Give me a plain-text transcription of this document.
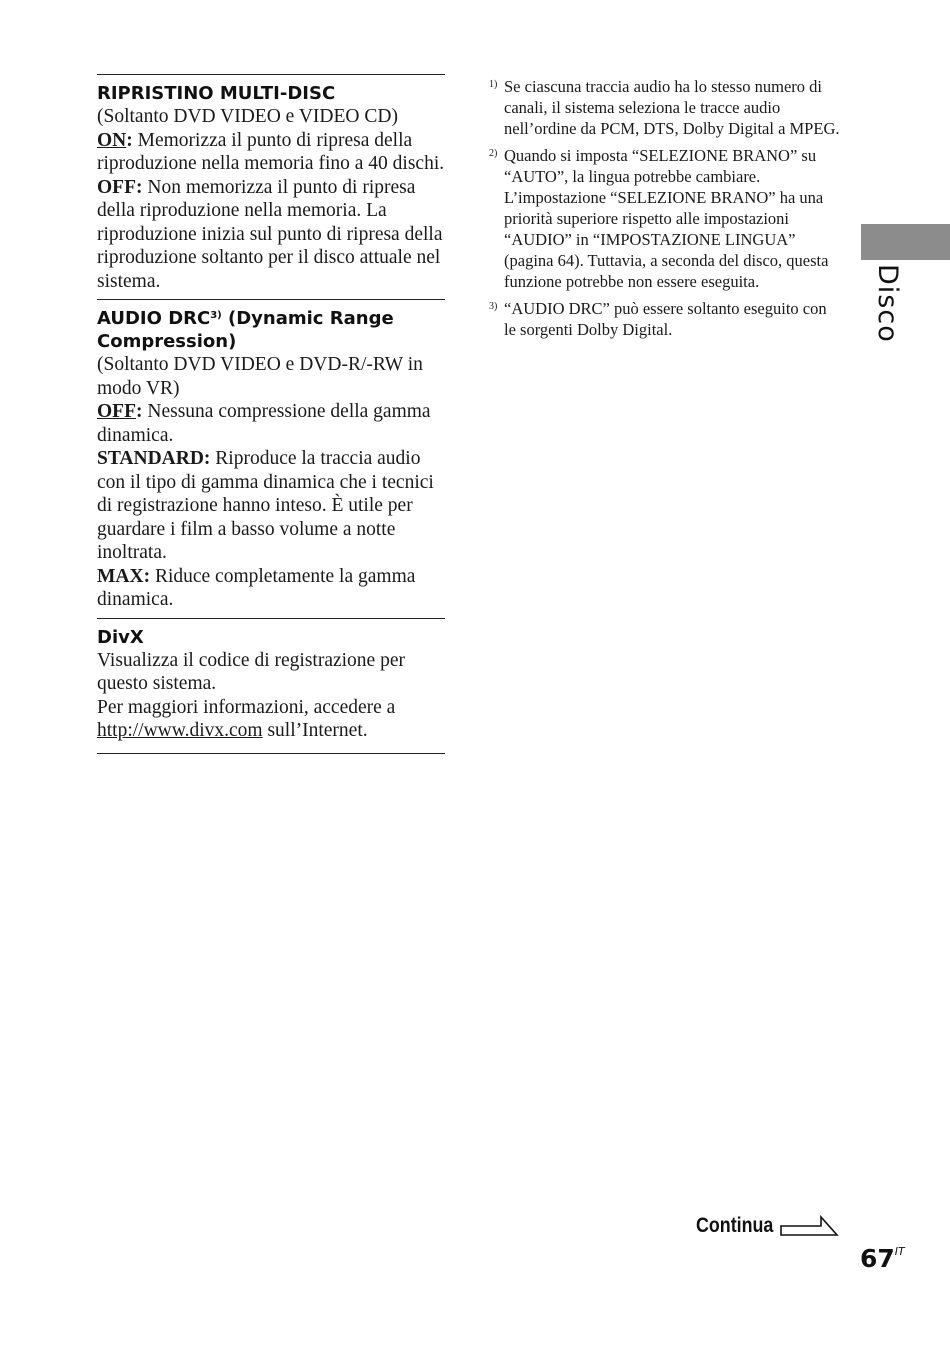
RIPRISTINO MULTI-DISC
(Soltanto DVD VIDEO e VIDEO CD)
ON: Memorizza il punto di ripresa della riproduzione nella memoria fino a 40 dischi.
OFF: Non memorizza il punto di ripresa della riproduzione nella memoria. La riproduzione inizia sul punto di ripresa della riproduzione soltanto per il disco attuale nel sistema.
AUDIO DRC$^{3)}$ (Dynamic Range Compression)
(Soltanto DVD VIDEO e DVD-R/-RW in modo VR)
OFF: Nessuna compressione della gamma dinamica.
STANDARD: Riproduce la traccia audio con il tipo di gamma dinamica che i tecnici di registrazione hanno inteso. È utile per guardare i film a basso volume a notte inoltrata.
MAX: Riduce completamente la gamma dinamica.
DivX
Visualizza il codice di registrazione per questo sistema.
Per maggiori informazioni, accedere a http://www.divx.com sull’Internet.
1) Se ciascuna traccia audio ha lo stesso numero di canali, il sistema seleziona le tracce audio nell’ordine da PCM, DTS, Dolby Digital a MPEG.
2) Quando si imposta “SELEZIONE BRANO” su “AUTO”, la lingua potrebbe cambiare. L’impostazione “SELEZIONE BRANO” ha una priorità superiore rispetto alle impostazioni “AUDIO” in “IMPOSTAZIONE LINGUA” (pagina 64). Tuttavia, a seconda del disco, questa funzione potrebbe non essere eseguita.
3) “AUDIO DRC” può essere soltanto eseguito con le sorgenti Dolby Digital.	Disco
Continua
$67^{IT}$
